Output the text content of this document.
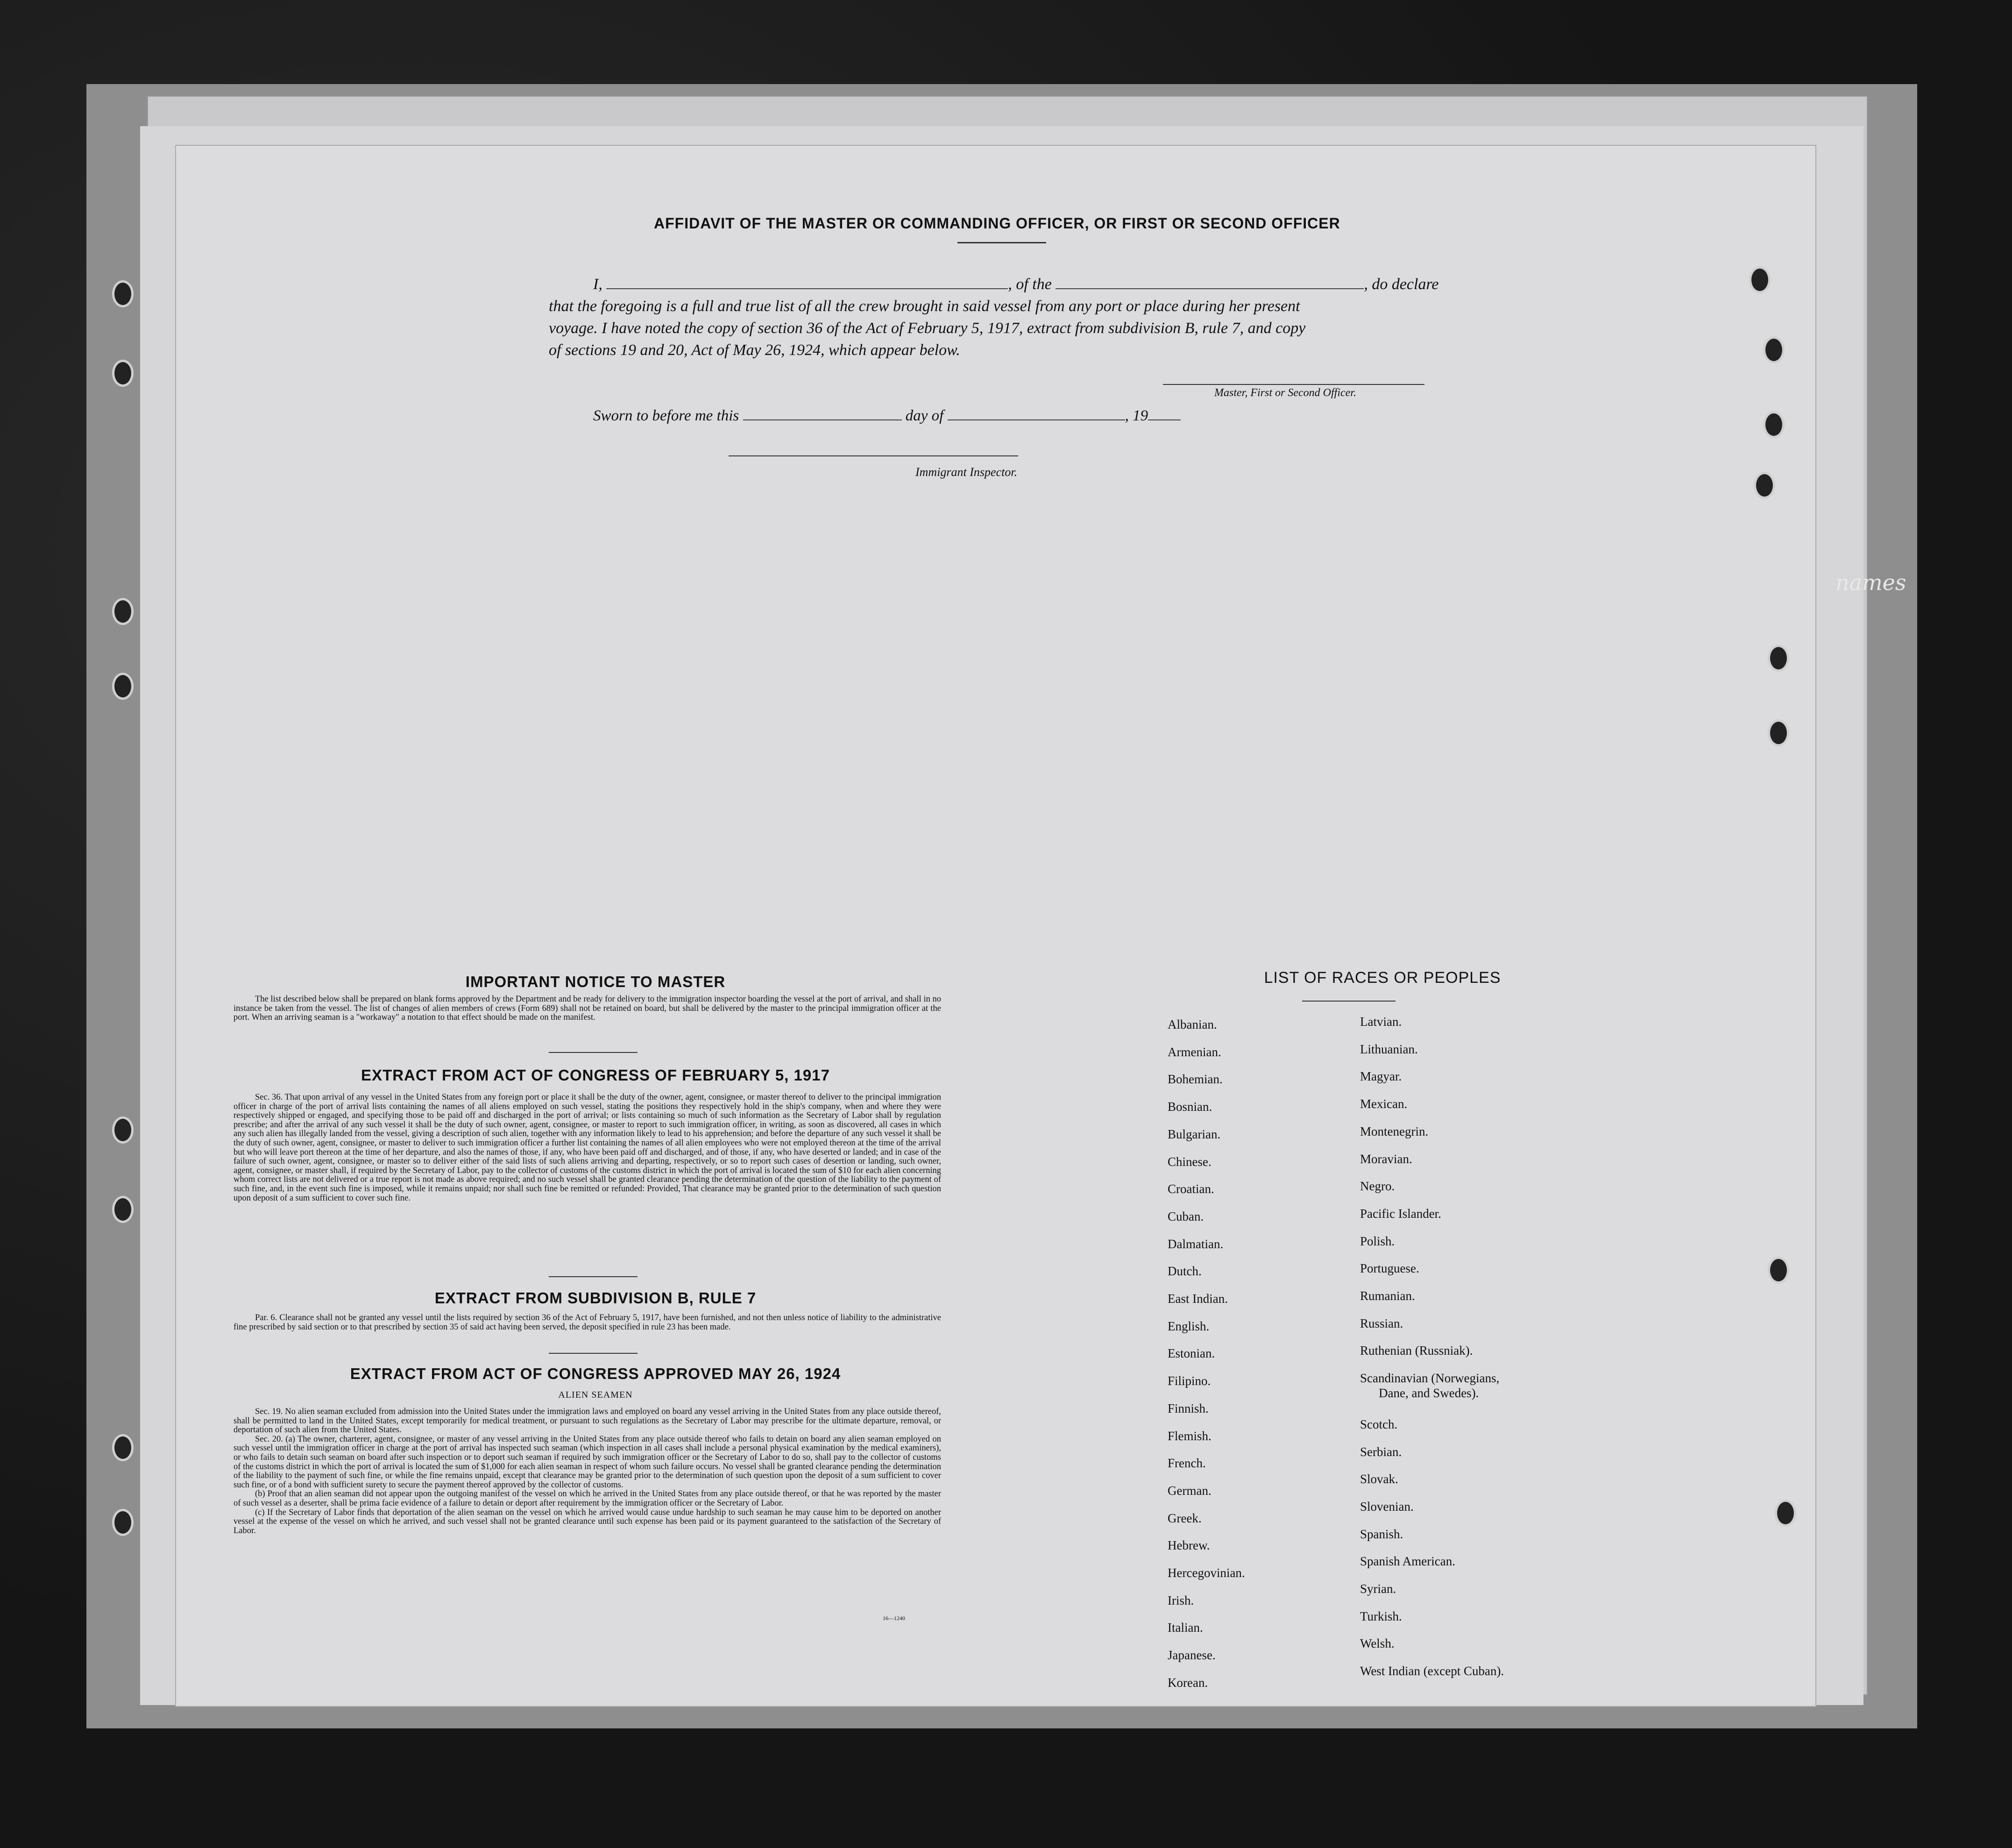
names
AFFIDAVIT OF THE MASTER OR COMMANDING OFFICER, OR FIRST OR SECOND OFFICER
I,	, of the	, do declare
that the foregoing is a full and true list of all the crew brought in said vessel from any port or place during her present
voyage. I have noted the copy of section 36 of the Act of February 5, 1917, extract from subdivision B, rule 7, and copy
of sections 19 and 20, Act of May 26, 1924, which appear below.
Master, First or Second Officer.
Sworn to before me this	day of	, 19
Immigrant Inspector.
IMPORTANT NOTICE TO MASTER
The list described below shall be prepared on blank forms approved by the Department and be ready for delivery to the immigration inspector boarding the vessel at the port of arrival, and shall in no instance be taken from the vessel. The list of changes of alien members of crews (Form 689) shall not be retained on board, but shall be delivered by the master to the principal immigration officer at the port. When an arriving seaman is a "workaway" a notation to that effect should be made on the manifest.
EXTRACT FROM ACT OF CONGRESS OF FEBRUARY 5, 1917
Sec. 36. That upon arrival of any vessel in the United States from any foreign port or place it shall be the duty of the owner, agent, consignee, or master thereof to deliver to the principal immigration officer in charge of the port of arrival lists containing the names of all aliens employed on such vessel, stating the positions they respectively hold in the ship's company, when and where they were respectively shipped or engaged, and specifying those to be paid off and discharged in the port of arrival; or lists containing so much of such information as the Secretary of Labor shall by regulation prescribe; and after the arrival of any such vessel it shall be the duty of such owner, agent, consignee, or master to report to such immigration officer, in writing, as soon as discovered, all cases in which any such alien has illegally landed from the vessel, giving a description of such alien, together with any information likely to lead to his apprehension; and before the departure of any such vessel it shall be the duty of such owner, agent, consignee, or master to deliver to such immigration officer a further list containing the names of all alien employees who were not employed thereon at the time of the arrival but who will leave port thereon at the time of her departure, and also the names of those, if any, who have been paid off and discharged, and of those, if any, who have deserted or landed; and in case of the failure of such owner, agent, consignee, or master so to deliver either of the said lists of such aliens arriving and departing, respectively, or so to report such cases of desertion or landing, such owner, agent, consignee, or master shall, if required by the Secretary of Labor, pay to the collector of customs of the customs district in which the port of arrival is located the sum of $10 for each alien concerning whom correct lists are not delivered or a true report is not made as above required; and no such vessel shall be granted clearance pending the determination of the question of the liability to the payment of such fine, and, in the event such fine is imposed, while it remains unpaid; nor shall such fine be remitted or refunded: Provided, That clearance may be granted prior to the determination of such question upon deposit of a sum sufficient to cover such fine.
EXTRACT FROM SUBDIVISION B, RULE 7
Par. 6. Clearance shall not be granted any vessel until the lists required by section 36 of the Act of February 5, 1917, have been furnished, and not then unless notice of liability to the administrative fine prescribed by said section or to that prescribed by section 35 of said act having been served, the deposit specified in rule 23 has been made.
EXTRACT FROM ACT OF CONGRESS APPROVED MAY 26, 1924
ALIEN SEAMEN
Sec. 19. No alien seaman excluded from admission into the United States under the immigration laws and employed on board any vessel arriving in the United States from any place outside thereof, shall be permitted to land in the United States, except temporarily for medical treatment, or pursuant to such regulations as the Secretary of Labor may prescribe for the ultimate departure, removal, or deportation of such alien from the United States.
Sec. 20. (a) The owner, charterer, agent, consignee, or master of any vessel arriving in the United States from any place outside thereof who fails to detain on board any alien seaman employed on such vessel until the immigration officer in charge at the port of arrival has inspected such seaman (which inspection in all cases shall include a personal physical examination by the medical examiners), or who fails to detain such seaman on board after such inspection or to deport such seaman if required by such immigration officer or the Secretary of Labor to do so, shall pay to the collector of customs of the customs district in which the port of arrival is located the sum of $1,000 for each alien seaman in respect of whom such failure occurs. No vessel shall be granted clearance pending the determination of the liability to the payment of such fine, or while the fine remains unpaid, except that clearance may be granted prior to the determination of such question upon the deposit of a sum sufficient to cover such fine, or of a bond with sufficient surety to secure the payment thereof approved by the collector of customs.
(b) Proof that an alien seaman did not appear upon the outgoing manifest of the vessel on which he arrived in the United States from any place outside thereof, or that he was reported by the master of such vessel as a deserter, shall be prima facie evidence of a failure to detain or deport after requirement by the immigration officer or the Secretary of Labor.
(c) If the Secretary of Labor finds that deportation of the alien seaman on the vessel on which he arrived would cause undue hardship to such seaman he may cause him to be deported on another vessel at the expense of the vessel on which he arrived, and such vessel shall not be granted clearance until such expense has been paid or its payment guaranteed to the satisfaction of the Secretary of Labor.
16—1240
LIST OF RACES OR PEOPLES
Albanian.
Armenian.
Bohemian.
Bosnian.
Bulgarian.
Chinese.
Croatian.
Cuban.
Dalmatian.
Dutch.
East Indian.
English.
Estonian.
Filipino.
Finnish.
Flemish.
French.
German.
Greek.
Hebrew.
Hercegovinian.
Irish.
Italian.
Japanese.
Korean.
Latvian.
Lithuanian.
Magyar.
Mexican.
Montenegrin.
Moravian.
Negro.
Pacific Islander.
Polish.
Portuguese.
Rumanian.
Russian.
Ruthenian (Russniak).
Scandinavian (Norwegians,
Dane, and Swedes).
Scotch.
Serbian.
Slovak.
Slovenian.
Spanish.
Spanish American.
Syrian.
Turkish.
Welsh.
West Indian (except Cuban).
